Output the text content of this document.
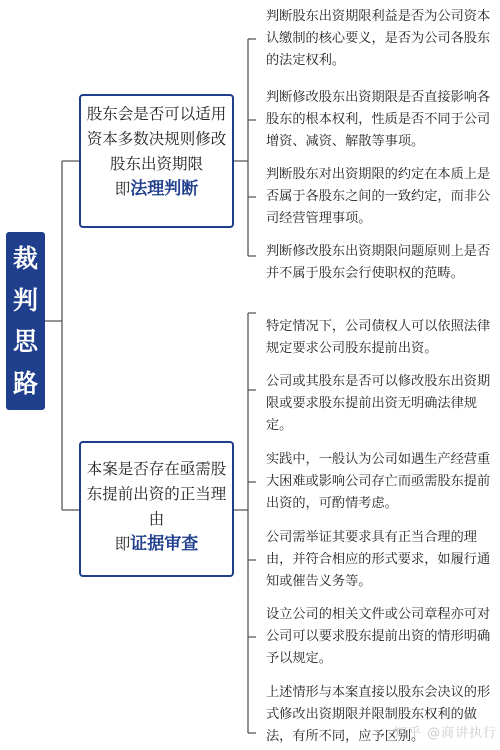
裁
判
思
路
股东会是否可以适用资本多数决规则修改股东出资期限
即法理判断
本案是否存在亟需股东提前出资的正当理由
即证据审查
判断股东出资期限利益是否为公司资本认缴制的核心要义，是否为公司各股东的法定权利。
判断修改股东出资期限是否直接影响各股东的根本权利，性质是否不同于公司增资、减资、解散等事项。
判断股东对出资期限的约定在本质上是否属于各股东之间的一致约定，而非公司经营管理事项。
判断修改股东出资期限问题原则上是否并不属于股东会行使职权的范畴。
特定情况下，公司债权人可以依照法律规定要求公司股东提前出资。
公司或其股东是否可以修改股东出资期限或要求股东提前出资无明确法律规定。
实践中，一般认为公司如遇生产经营重大困难或影响公司存亡而亟需股东提前出资的，可酌情考虑。
公司需举证其要求具有正当合理的理由，并符合相应的形式要求，如履行通知或催告义务等。
设立公司的相关文件或公司章程亦可对公司可以要求股东提前出资的情形明确予以规定。
上述情形与本案直接以股东会决议的形式修改出资期限并限制股东权利的做法，有所不同，应予区别。
知乎 @商讲执行
